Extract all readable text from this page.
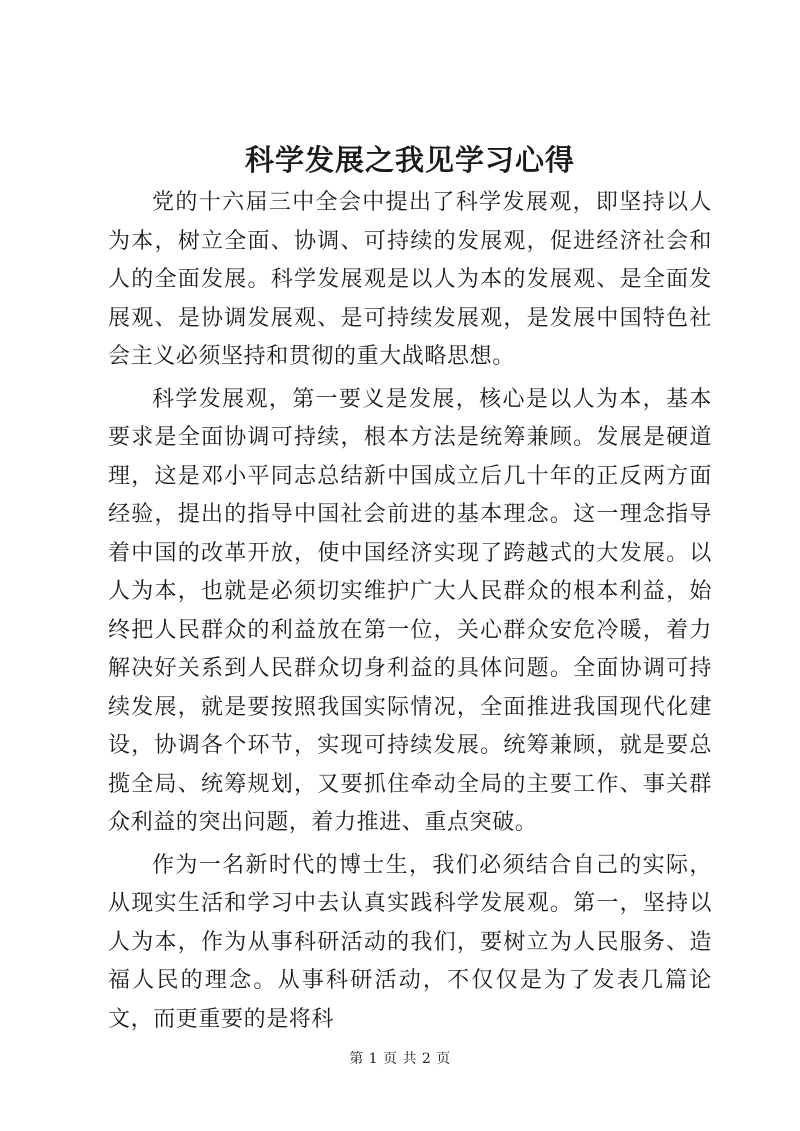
科学发展之我见学习心得

党的十六届三中全会中提出了科学发展观，即坚持以人为本，树立全面、协调、可持续的发展观，促进经济社会和人的全面发展。科学发展观是以人为本的发展观、是全面发展观、是协调发展观、是可持续发展观，是发展中国特色社会主义必须坚持和贯彻的重大战略思想。

科学发展观，第一要义是发展，核心是以人为本，基本要求是全面协调可持续，根本方法是统筹兼顾。发展是硬道理，这是邓小平同志总结新中国成立后几十年的正反两方面经验，提出的指导中国社会前进的基本理念。这一理念指导着中国的改革开放，使中国经济实现了跨越式的大发展。以人为本，也就是必须切实维护广大人民群众的根本利益，始终把人民群众的利益放在第一位，关心群众安危冷暖，着力解决好关系到人民群众切身利益的具体问题。全面协调可持续发展，就是要按照我国实际情况，全面推进我国现代化建设，协调各个环节，实现可持续发展。统筹兼顾，就是要总揽全局、统筹规划，又要抓住牵动全局的主要工作、事关群众利益的突出问题，着力推进、重点突破。

作为一名新时代的博士生，我们必须结合自己的实际，从现实生活和学习中去认真实践科学发展观。第一，坚持以人为本，作为从事科研活动的我们，要树立为人民服务、造福人民的理念。从事科研活动，不仅仅是为了发表几篇论文，而更重要的是将科

第 1 页 共 2 页
